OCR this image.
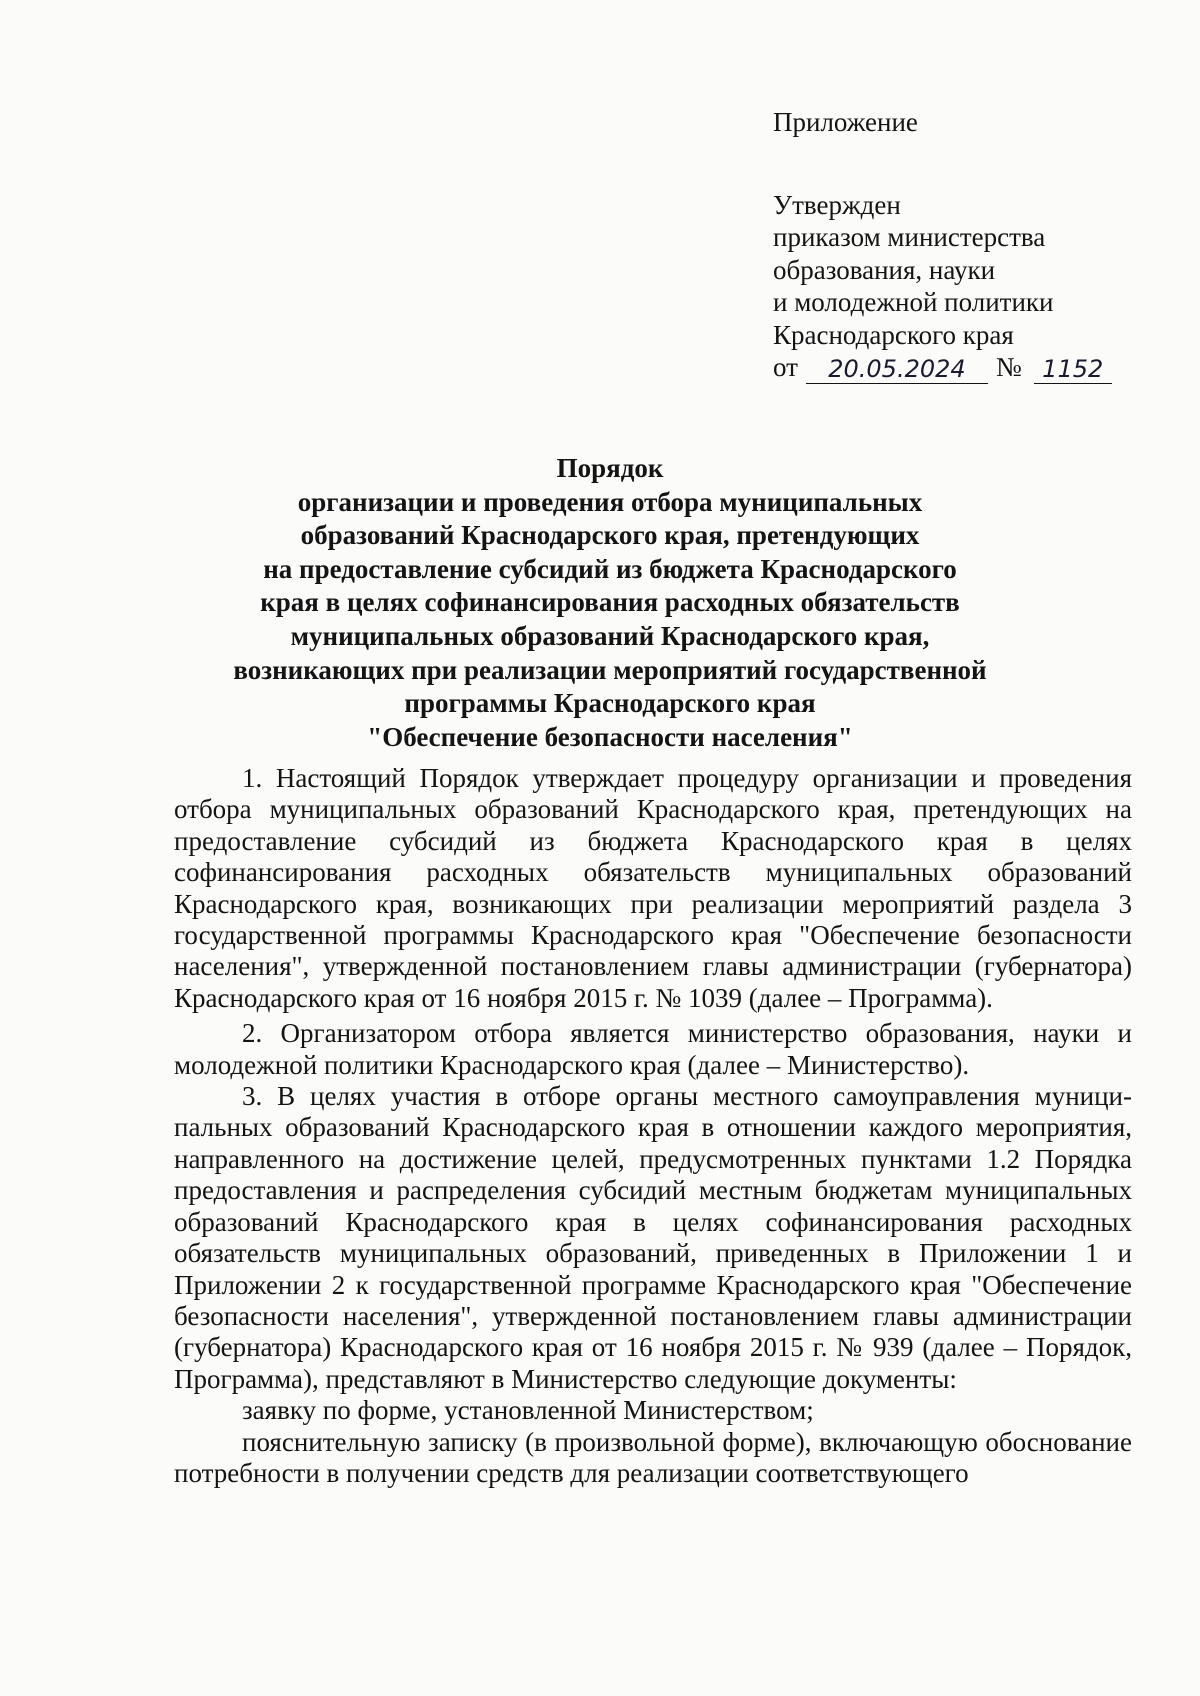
Приложение
Утвержден
приказом министерства
образования, науки
и молодежной политики
Краснодарского края
от	20.05.2024	№ 1152
Порядок
организации и проведения отбора муниципальных
образований Краснодарского края, претендующих
на предоставление субсидий из бюджета Краснодарского
края в целях софинансирования расходных обязательств
муниципальных образований Краснодарского края,
возникающих при реализации мероприятий государственной
программы Краснодарского края
"Обеспечение безопасности населения"

1. Настоящий Порядок утверждает процедуру организации и проведения отбора муниципальных образований Краснодарского края, претендующих на предоставление субсидий из бюджета Краснодарского края в целях софинансирования расходных обязательств муниципальных образований Краснодарского края, возникающих при реализации мероприятий раздела 3 государственной программы Краснодарского края "Обеспечение безопасности населения", утвержденной постановлением главы администрации (губернатора) Краснодарского края от 16 ноября 2015 г. № 1039 (далее – Программа).

2. Организатором отбора является министерство образования, науки и молодежной политики Краснодарского края (далее – Министерство).

3. В целях участия в отборе органы местного самоуправления муниципальных образований Краснодарского края в отношении каждого мероприятия, направленного на достижение целей, предусмотренных пунктами 1.2 Порядка предоставления и распределения субсидий местным бюджетам муниципальных образований Краснодарского края в целях софинансирования расходных обязательств муниципальных образований, приведенных в Приложении 1 и Приложении 2 к государственной программе Краснодарского края "Обеспечение безопасности населения", утвержденной постановлением главы администрации (губернатора) Краснодарского края от 16 ноября 2015 г. № 939 (далее – Порядок, Программа), представляют в Министерство следующие документы:

заявку по форме, установленной Министерством;

пояснительную записку (в произвольной форме), включающую обоснование потребности в получении средств для реализации соответствующего
